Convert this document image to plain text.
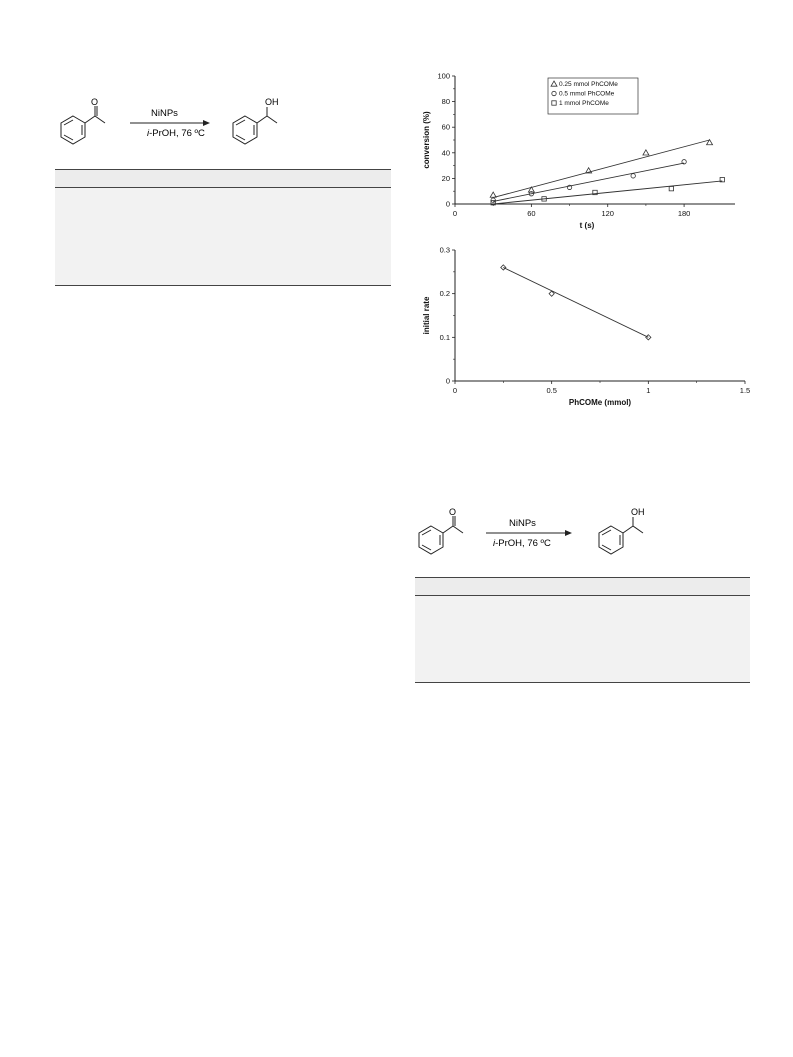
O
NiNPs
i-PrOH, 76 ºC
OH
0
20
40
60
80
100
0	60	120	180
t (s)
conversion (%)
0.25 mmol PhCOMe
0.5 mmol PhCOMe
1 mmol PhCOMe
0
0.1
0.2
0.3
0	0.5	1	1.5
PhCOMe (mmol)
initial rate
O
NiNPs
i-PrOH, 76 ºC
OH
